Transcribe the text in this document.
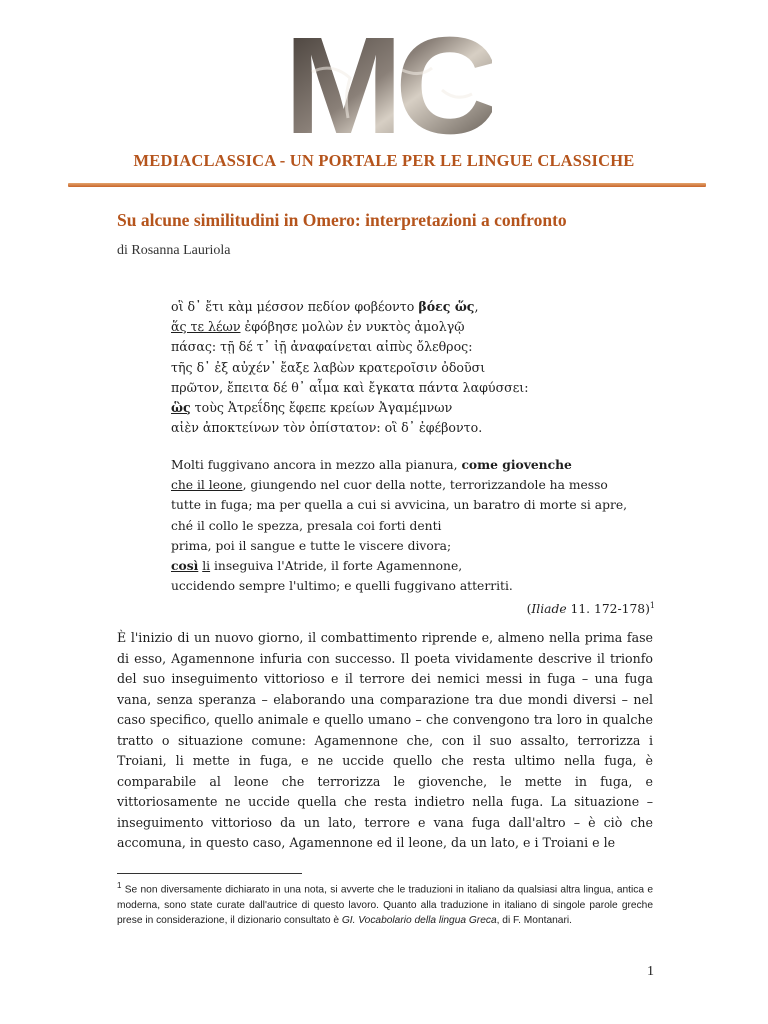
MC
MEDIACLASSICA - UN PORTALE PER LE LINGUE CLASSICHE
Su alcune similitudini in Omero: interpretazioni a confronto
di Rosanna Lauriola
οἳ δ᾽ ἔτι κὰμ μέσσον πεδίον φοβέοντο βόες ὥς,
ἅς τε λέων ἐφόβησε μολὼν ἐν νυκτὸς ἀμολγῷ
πάσας: τῇ δέ τ᾽ ἰῇ ἀναφαίνεται αἰπὺς ὄλεθρος:
τῆς δ᾽ ἐξ αὐχέν᾽ ἔαξε λαβὼν κρατεροῖσιν ὀδοῦσι
πρῶτον, ἔπειτα δέ θ᾽ αἷμα καὶ ἔγκατα πάντα λαφύσσει:
ὣς τοὺς Ἀτρεΐδης ἔφεπε κρείων Ἀγαμέμνων
αἰὲν ἀποκτείνων τὸν ὀπίστατον: οἳ δ᾽ ἐφέβοντο.
Molti fuggivano ancora in mezzo alla pianura, come giovenche
che il leone, giungendo nel cuor della notte, terrorizzandole ha messo
tutte in fuga; ma per quella a cui si avvicina, un baratro di morte si apre,
ché il collo le spezza, presala coi forti denti
prima, poi il sangue e tutte le viscere divora;
così li inseguiva l'Atride, il forte Agamennone,
uccidendo sempre l'ultimo; e quelli fuggivano atterriti.
(Iliade 11. 172-178)$^1$
È l'inizio di un nuovo giorno, il combattimento riprende e, almeno nella prima fase di esso, Agamennone infuria con successo. Il poeta vividamente descrive il trionfo del suo inseguimento vittorioso e il terrore dei nemici messi in fuga – una fuga vana, senza speranza – elaborando una comparazione tra due mondi diversi – nel caso specifico, quello animale e quello umano – che convengono tra loro in qualche tratto o situazione comune: Agamennone che, con il suo assalto, terrorizza i Troiani, li mette in fuga, e ne uccide quello che resta ultimo nella fuga, è comparabile al leone che terrorizza le giovenche, le mette in fuga, e vittoriosamente ne uccide quella che resta indietro nella fuga. La situazione – inseguimento vittorioso da un lato, terrore e vana fuga dall'altro – è ciò che accomuna, in questo caso, Agamennone ed il leone, da un lato, e i Troiani e le
$^1$ Se non diversamente dichiarato in una nota, si avverte che le traduzioni in italiano da qualsiasi altra lingua, antica e moderna, sono state curate dall'autrice di questo lavoro. Quanto alla traduzione in italiano di singole parole greche prese in considerazione, il dizionario consultato è GI. Vocabolario della lingua Greca, di F. Montanari.
1
